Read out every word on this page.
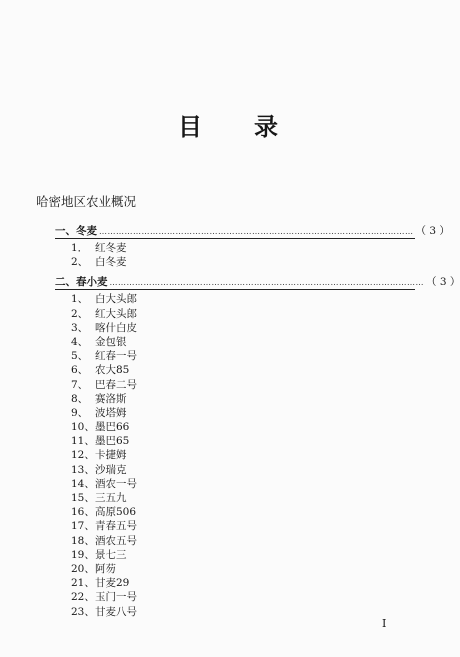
目 录
哈密地区农业概况
一、冬麦 ………………………………………………………………………………………………… （ 3 ）
1． 红冬麦
2、 白冬麦
二、春小麦 ………………………………………………………………………………………………… （ 3 ）
1、 白大头郎
2、 红大头郎
3、 喀什白皮
4、 金包银
5、 红春一号
6、 农大85
7、 巴春二号
8、 赛洛斯
9、 波塔姆
10、 墨巴66
11、 墨巴65
12、 卡捷姆
13、 沙瑞克
14、 酒农一号
15、 三五九
16、 高原506
17、 青春五号
18、 酒农五号
19、 景七三
20、 阿芴
21、 甘麦29
22、 玉门一号
23、 甘麦八号
I
